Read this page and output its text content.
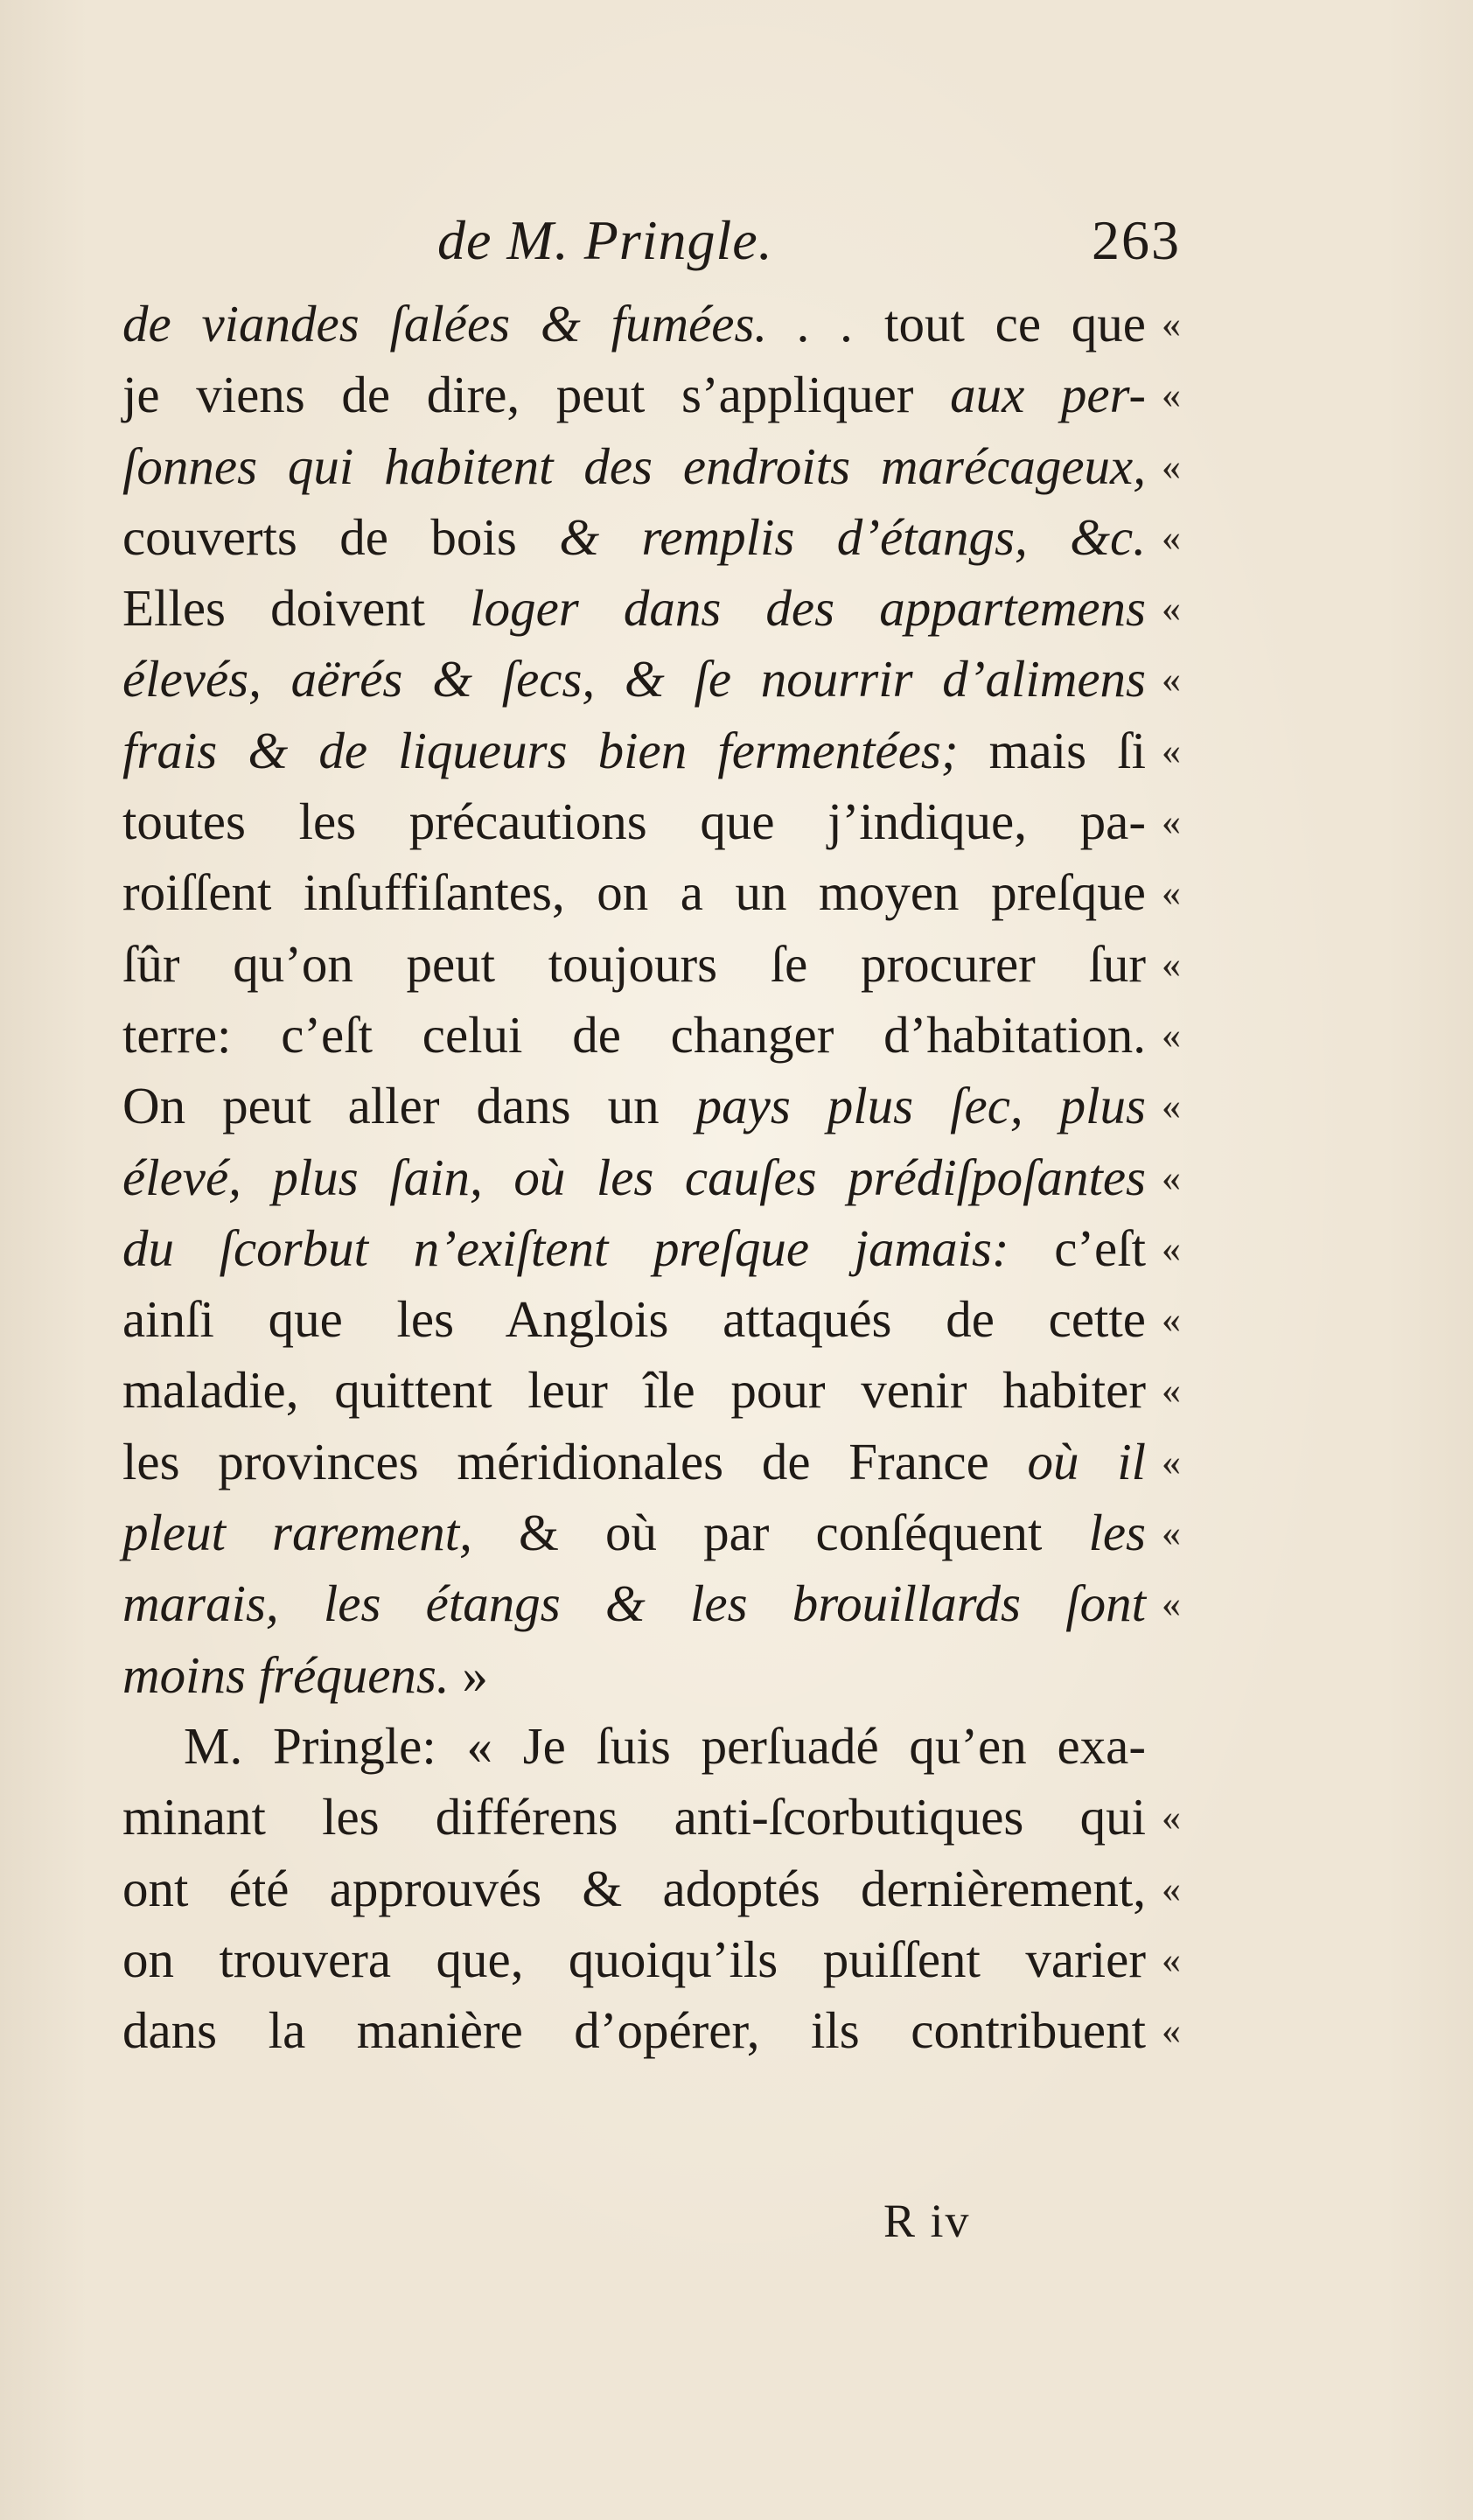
de M. Pringle.	263
de viandes ſalées & fumées. . . tout ce que «
je viens de dire, peut s’appliquer aux per- «
ſonnes qui habitent des endroits marécageux, «
couverts de bois & remplis d’étangs, &c. «
Elles doivent loger dans des appartemens «
élevés, aërés & ſecs, & ſe nourrir d’alimens «
frais & de liqueurs bien fermentées; mais ſi «
toutes les précautions que j’indique, pa- «
roiſſent inſuffiſantes, on a un moyen preſque «
ſûr qu’on peut toujours ſe procurer ſur «
terre: c’eſt celui de changer d’habitation. «
On peut aller dans un pays plus ſec, plus «
élevé, plus ſain, où les cauſes prédiſpoſantes «
du ſcorbut n’exiſtent preſque jamais: c’eſt «
ainſi que les Anglois attaqués de cette «
maladie, quittent leur île pour venir habiter «
les provinces méridionales de France où il «
pleut rarement, & où par conſéquent les «
marais, les étangs & les brouillards ſont «
moins fréquens. »
M. Pringle: « Je ſuis perſuadé qu’en exa-
minant les différens anti-ſcorbutiques qui «
ont été approuvés & adoptés dernièrement, «
on trouvera que, quoiqu’ils puiſſent varier «
dans la manière d’opérer, ils contribuent «
R iv
